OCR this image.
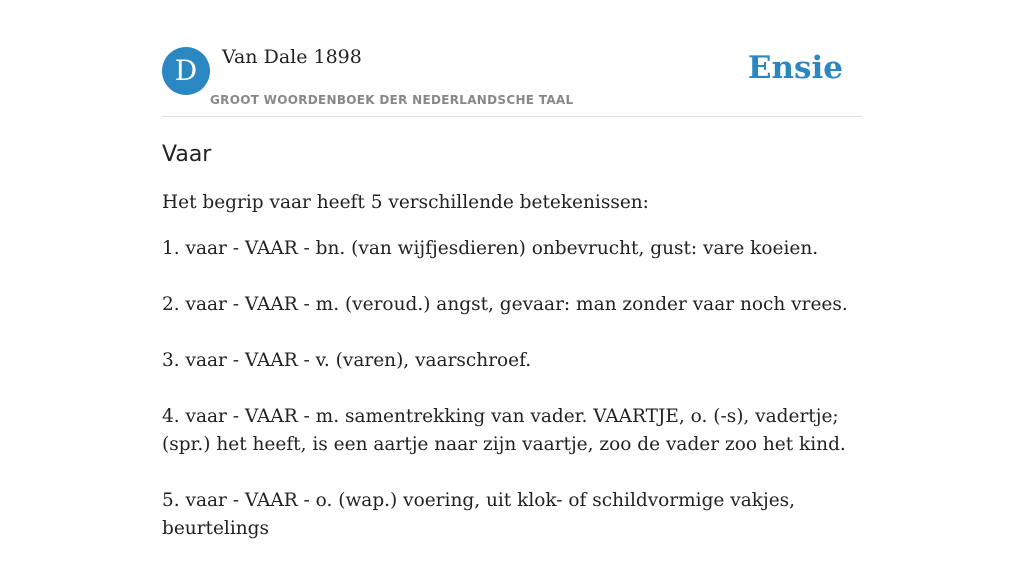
D	Van Dale 1898
GROOT WOORDENBOEK DER NEDERLANDSCHE TAAL
Ensie
Vaar

Het begrip vaar heeft 5 verschillende betekenissen:

1. vaar - VAAR - bn. (van wijfjesdieren) onbevrucht, gust: vare koeien.
2. vaar - VAAR - m. (veroud.) angst, gevaar: man zonder vaar noch vrees.
3. vaar - VAAR - v. (varen), vaarschroef.
4. vaar - VAAR - m. samentrekking van vader. VAARTJE, o. (-s), vadertje; (spr.) het heeft, is een aartje naar zijn vaartje, zoo de vader zoo het kind.
5. vaar - VAAR - o. (wap.) voering, uit klok- of schildvormige vakjes, beurtelings
